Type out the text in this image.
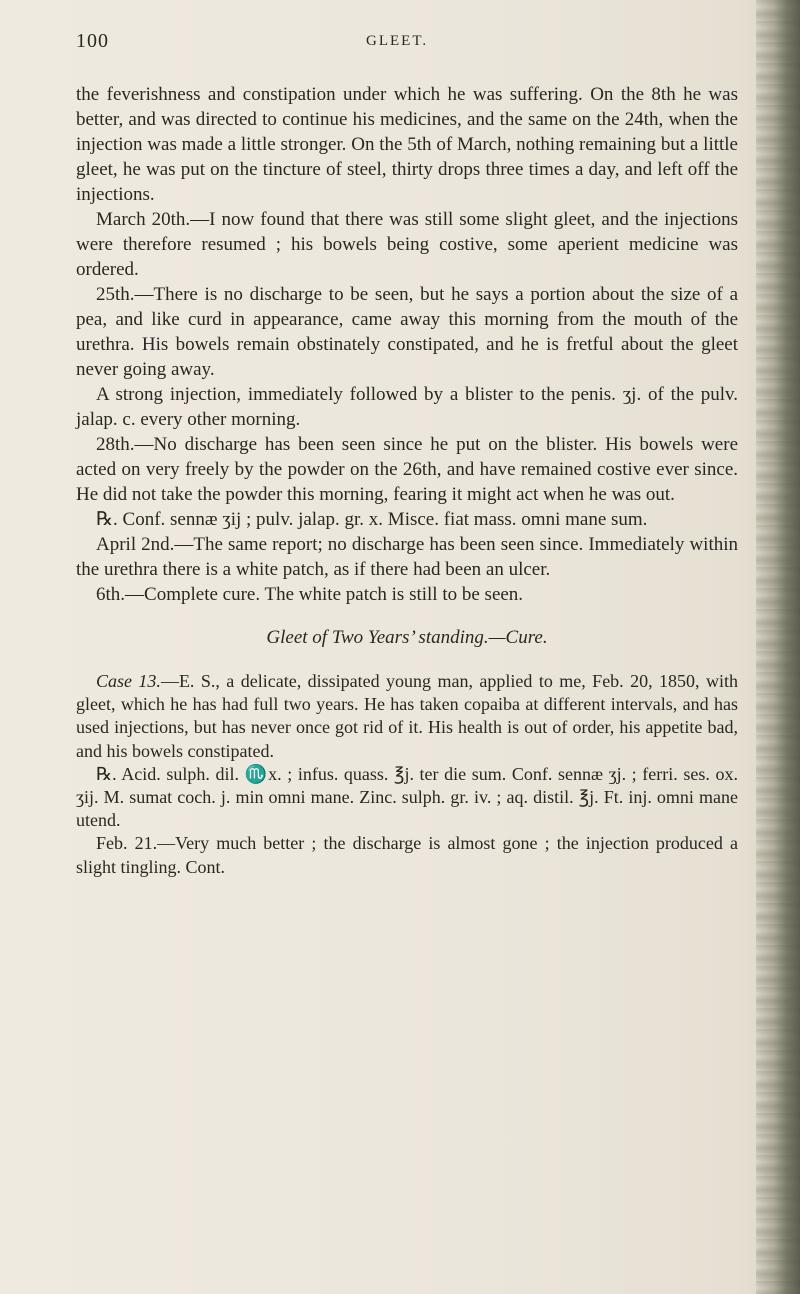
100	GLEET.

the feverishness and constipation under which he was suffering. On the 8th he was better, and was directed to continue his medicines, and the same on the 24th, when the injection was made a little stronger. On the 5th of March, nothing remaining but a little gleet, he was put on the tincture of steel, thirty drops three times a day, and left off the injections.

March 20th.—I now found that there was still some slight gleet, and the injections were therefore resumed ; his bowels being costive, some aperient medicine was ordered.

25th.—There is no discharge to be seen, but he says a portion about the size of a pea, and like curd in appearance, came away this morning from the mouth of the urethra. His bowels remain obstinately constipated, and he is fretful about the gleet never going away.

A strong injection, immediately followed by a blister to the penis. ʒj. of the pulv. jalap. c. every other morning.

28th.—No discharge has been seen since he put on the blister. His bowels were acted on very freely by the powder on the 26th, and have remained costive ever since. He did not take the powder this morning, fearing it might act when he was out.

℞. Conf. sennæ ʒij ; pulv. jalap. gr. x. Misce. fiat mass. omni mane sum.

April 2nd.—The same report; no discharge has been seen since. Immediately within the urethra there is a white patch, as if there had been an ulcer.

6th.—Complete cure. The white patch is still to be seen.

Gleet of Two Years’ standing.—Cure.

Case 13.—E. S., a delicate, dissipated young man, applied to me, Feb. 20, 1850, with gleet, which he has had full two years. He has taken copaiba at different intervals, and has used injections, but has never once got rid of it. His health is out of order, his appetite bad, and his bowels constipated.

℞. Acid. sulph. dil. ♏x. ; infus. quass. ℥j. ter die sum. Conf. sennæ ʒj. ; ferri. ses. ox. ʒij. M. sumat coch. j. min omni mane. Zinc. sulph. gr. iv. ; aq. distil. ℥j. Ft. inj. omni mane utend.

Feb. 21.—Very much better ; the discharge is almost gone ; the injection produced a slight tingling. Cont.
